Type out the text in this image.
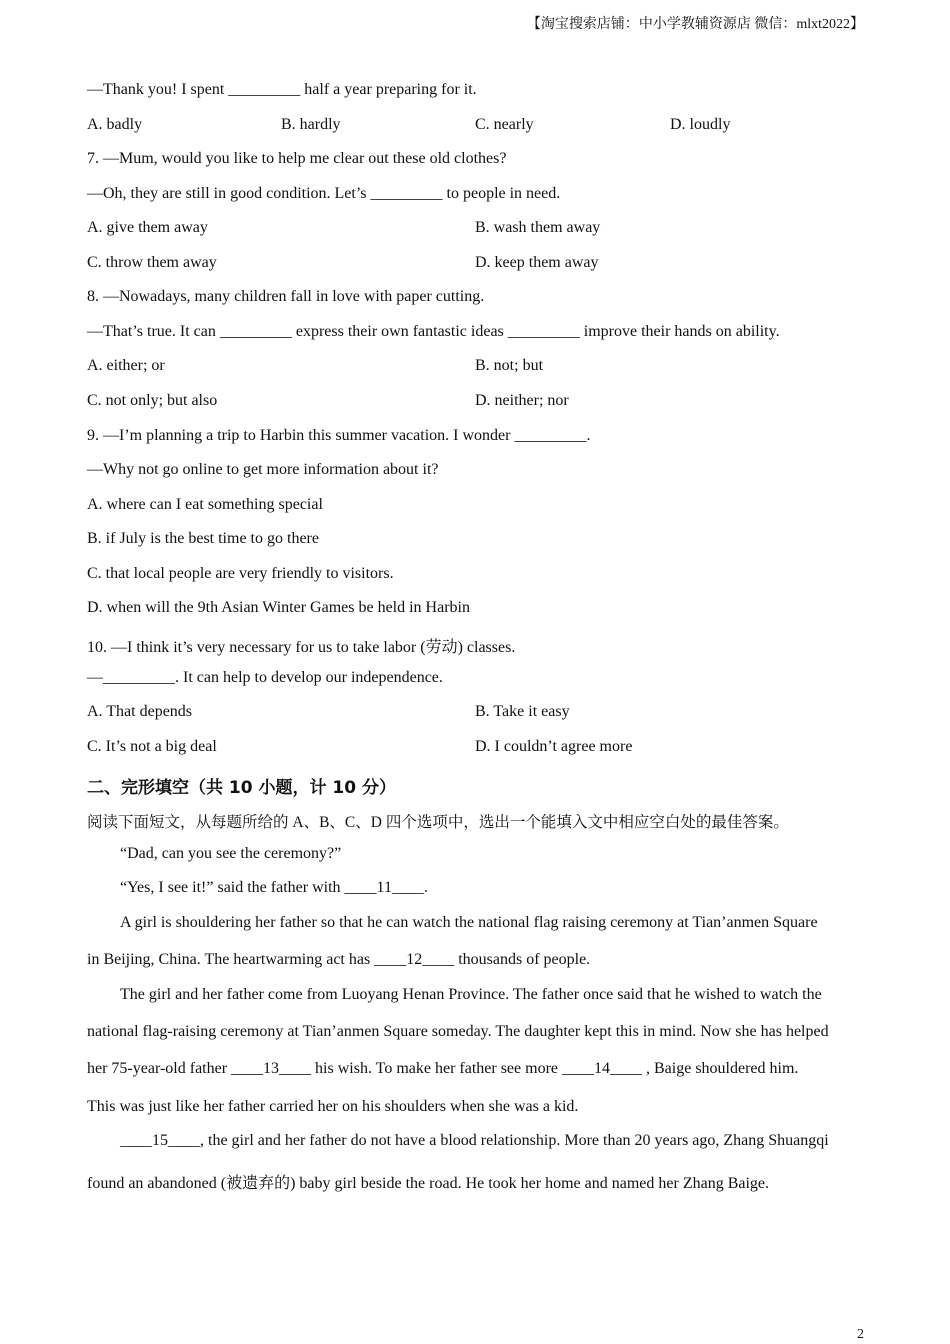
【淘宝搜索店铺：中小学教辅资源店 微信：mlxt2022】
—Thank you! I spent _________ half a year preparing for it.
A. badly	B. hardly	C. nearly	D. loudly
7. —Mum, would you like to help me clear out these old clothes?
—Oh, they are still in good condition. Let’s _________ to people in need.
A. give them away	B. wash them away
C. throw them away	D. keep them away
8. —Nowadays, many children fall in love with paper cutting.
—That’s true. It can _________ express their own fantastic ideas _________ improve their hands on ability.
A. either; or	B. not; but
C. not only; but also	D. neither; nor
9. —I’m planning a trip to Harbin this summer vacation. I wonder _________.
—Why not go online to get more information about it?
A. where can I eat something special
B. if July is the best time to go there
C. that local people are very friendly to visitors.
D. when will the 9th Asian Winter Games be held in Harbin
10. —I think it’s very necessary for us to take labor (劳动) classes.
—_________. It can help to develop our independence.
A. That depends	B. Take it easy
C. It’s not a big deal	D. I couldn’t agree more
二、完形填空（共 10 小题，计 10 分）
阅读下面短文，从每题所给的 A、B、C、D 四个选项中，选出一个能填入文中相应空白处的最佳答案。
“Dad, can you see the ceremony?”
“Yes, I see it!” said the father with ____11____.
A girl is shouldering her father so that he can watch the national flag raising ceremony at Tian’anmen Square
in Beijing, China. The heartwarming act has ____12____ thousands of people.
The girl and her father come from Luoyang Henan Province. The father once said that he wished to watch the
national flag-raising ceremony at Tian’anmen Square someday. The daughter kept this in mind. Now she has helped
her 75-year-old father ____13____ his wish. To make her father see more ____14____ , Baige shouldered him.
This was just like her father carried her on his shoulders when she was a kid.
____15____, the girl and her father do not have a blood relationship. More than 20 years ago, Zhang Shuangqi
found an abandoned (被遗弃的) baby girl beside the road. He took her home and named her Zhang Baige.
2
